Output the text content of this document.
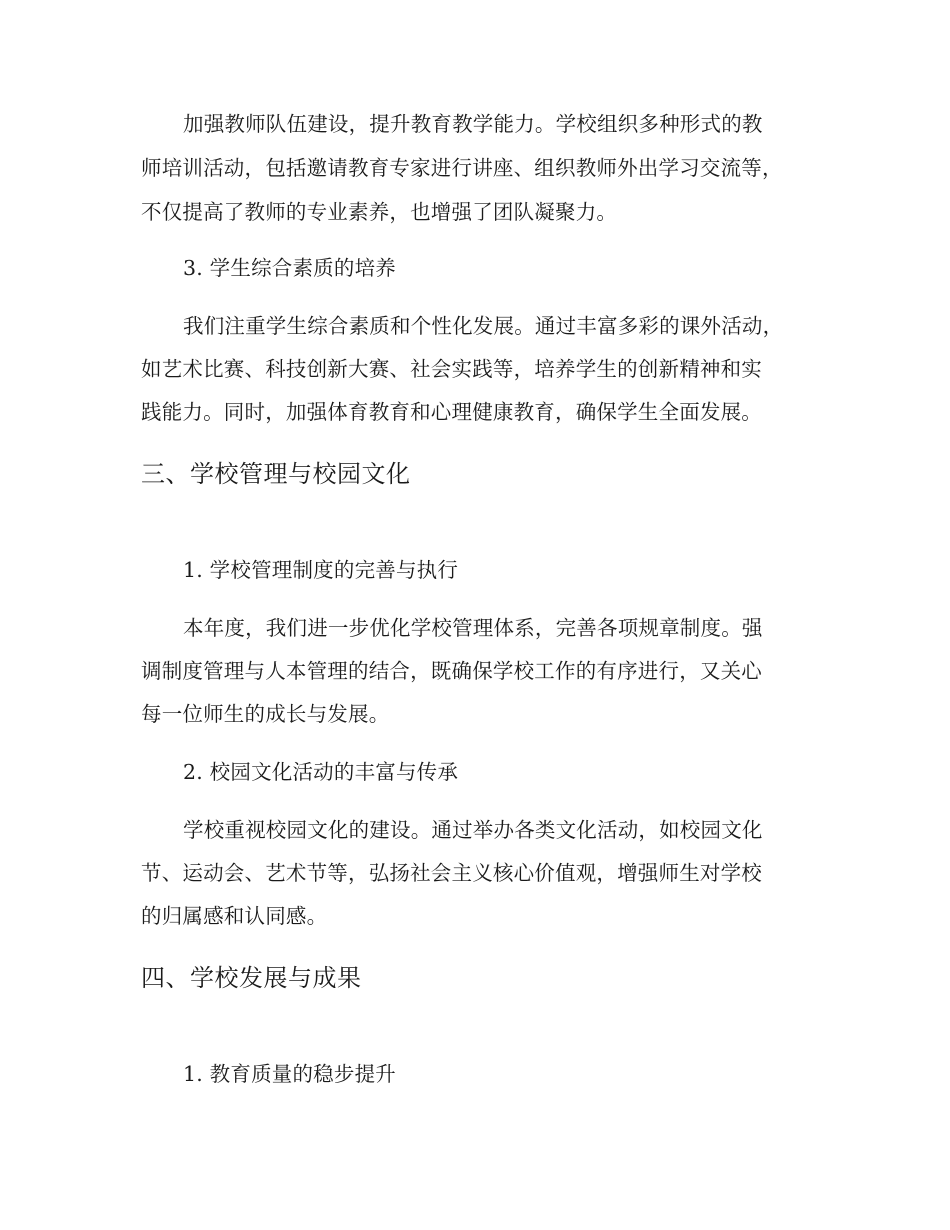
加强教师队伍建设，提升教育教学能力。学校组织多种形式的教
师培训活动，包括邀请教育专家进行讲座、组织教师外出学习交流等，
不仅提高了教师的专业素养，也增强了团队凝聚力。
3. 学生综合素质的培养
我们注重学生综合素质和个性化发展。通过丰富多彩的课外活动，
如艺术比赛、科技创新大赛、社会实践等，培养学生的创新精神和实
践能力。同时，加强体育教育和心理健康教育，确保学生全面发展。
三、学校管理与校园文化
1. 学校管理制度的完善与执行
本年度，我们进一步优化学校管理体系，完善各项规章制度。强
调制度管理与人本管理的结合，既确保学校工作的有序进行，又关心
每一位师生的成长与发展。
2. 校园文化活动的丰富与传承
学校重视校园文化的建设。通过举办各类文化活动，如校园文化
节、运动会、艺术节等，弘扬社会主义核心价值观，增强师生对学校
的归属感和认同感。
四、学校发展与成果
1. 教育质量的稳步提升
